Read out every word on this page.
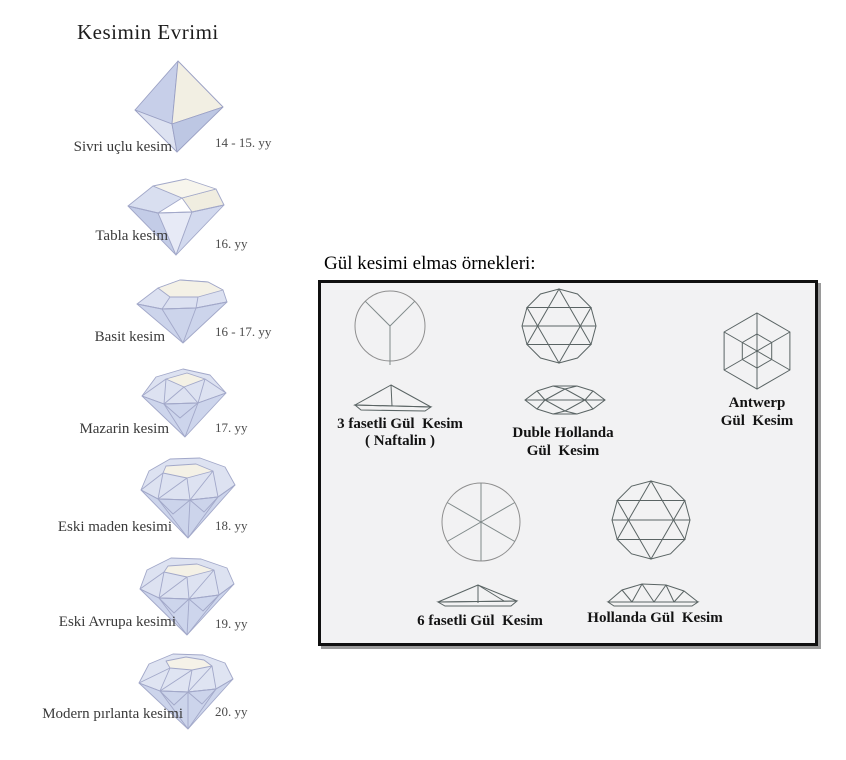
Kesimin Evrimi
Sivri uçlu kesim	14 - 15. yy
Tabla kesim	16. yy
Basit kesim	16 - 17. yy
Mazarin kesim	17. yy
Eski maden kesimi	18. yy
Eski Avrupa kesimi	19. yy
Modern pırlanta kesimi 20. yy
Gül kesimi elmas örnekleri:
3 fasetli Gül  Kesim
( Naftalin )	Duble Hollanda
Gül  Kesim
Antwerp
Gül  Kesim
6 fasetli Gül  Kesim	Hollanda Gül  Kesim
